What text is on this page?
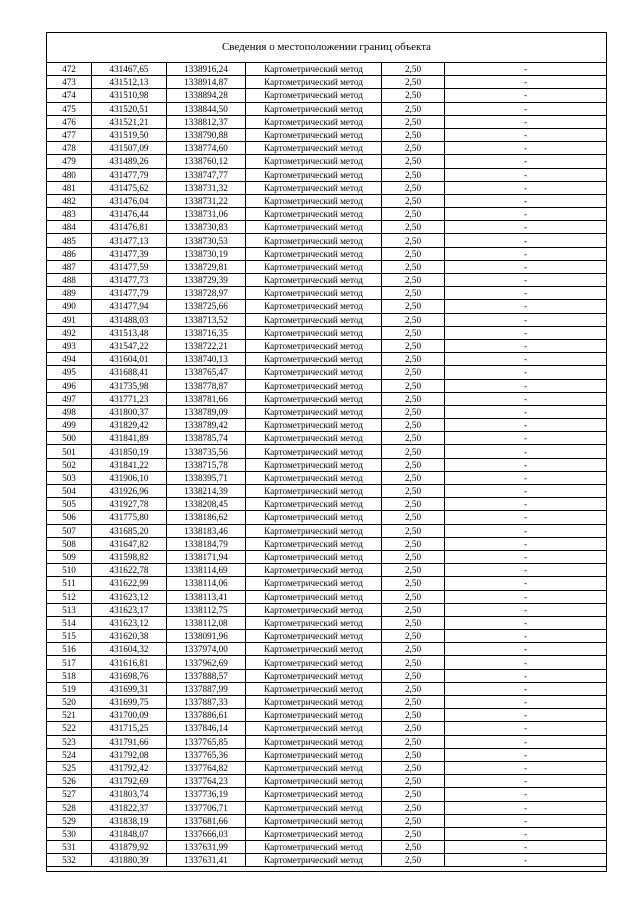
Сведения о местоположении границ объекта
472	431467,65	1338916,24	Картометрический метод	2,50	-
473	431512,13	1338914,87	Картометрический метод	2,50	-
474	431510,98	1338894,28	Картометрический метод	2,50	-
475	431520,51	1338844,50	Картометрический метод	2,50	-
476	431521,21	1338812,37	Картометрический метод	2,50	-
477	431519,50	1338790,88	Картометрический метод	2,50	-
478	431507,09	1338774,60	Картометрический метод	2,50	-
479	431489,26	1338760,12	Картометрический метод	2,50	-
480	431477,79	1338747,77	Картометрический метод	2,50	-
481	431475,62	1338731,32	Картометрический метод	2,50	-
482	431476,04	1338731,22	Картометрический метод	2,50	-
483	431476,44	1338731,06	Картометрический метод	2,50	-
484	431476,81	1338730,83	Картометрический метод	2,50	-
485	431477,13	1338730,53	Картометрический метод	2,50	-
486	431477,39	1338730,19	Картометрический метод	2,50	-
487	431477,59	1338729,81	Картометрический метод	2,50	-
488	431477,73	1338729,39	Картометрический метод	2,50	-
489	431477,79	1338728,97	Картометрический метод	2,50	-
490	431477,94	1338725,66	Картометрический метод	2,50	-
491	431488,03	1338713,52	Картометрический метод	2,50	-
492	431513,48	1338716,35	Картометрический метод	2,50	-
493	431547,22	1338722,21	Картометрический метод	2,50	-
494	431604,01	1338740,13	Картометрический метод	2,50	-
495	431688,41	1338765,47	Картометрический метод	2,50	-
496	431735,98	1338778,87	Картометрический метод	2,50	-
497	431771,23	1338781,66	Картометрический метод	2,50	-
498	431800,37	1338789,09	Картометрический метод	2,50	-
499	431829,42	1338789,42	Картометрический метод	2,50	-
500	431841,89	1338785,74	Картометрический метод	2,50	-
501	431850,19	1338735,56	Картометрический метод	2,50	-
502	431841,22	1338715,78	Картометрический метод	2,50	-
503	431906,10	1338395,71	Картометрический метод	2,50	-
504	431926,96	1338214,39	Картометрический метод	2,50	-
505	431927,78	1338208,45	Картометрический метод	2,50	-
506	431775,80	1338186,62	Картометрический метод	2,50	-
507	431685,20	1338183,46	Картометрический метод	2,50	-
508	431647,82	1338184,79	Картометрический метод	2,50	-
509	431598,82	1338171,94	Картометрический метод	2,50	-
510	431622,78	1338114,69	Картометрический метод	2,50	-
511	431622,99	1338114,06	Картометрический метод	2,50	-
512	431623,12	1338113,41	Картометрический метод	2,50	-
513	431623,17	1338112,75	Картометрический метод	2,50	-
514	431623,12	1338112,08	Картометрический метод	2,50	-
515	431620,38	1338091,96	Картометрический метод	2,50	-
516	431604,32	1337974,00	Картометрический метод	2,50	-
517	431616,81	1337962,69	Картометрический метод	2,50	-
518	431698,76	1337888,57	Картометрический метод	2,50	-
519	431699,31	1337887,99	Картометрический метод	2,50	-
520	431699,75	1337887,33	Картометрический метод	2,50	-
521	431700,09	1337886,61	Картометрический метод	2,50	-
522	431715,25	1337846,14	Картометрический метод	2,50	-
523	431791,66	1337765,85	Картометрический метод	2,50	-
524	431792,08	1337765,36	Картометрический метод	2,50	-
525	431792,42	1337764,82	Картометрический метод	2,50	-
526	431792,69	1337764,23	Картометрический метод	2,50	-
527	431803,74	1337736,19	Картометрический метод	2,50	-
528	431822,37	1337706,71	Картометрический метод	2,50	-
529	431838,19	1337681,66	Картометрический метод	2,50	-
530	431848,07	1337666,03	Картометрический метод	2,50	-
531	431879,92	1337631,99	Картометрический метод	2,50	-
532	431880,39	1337631,41	Картометрический метод	2,50	-
